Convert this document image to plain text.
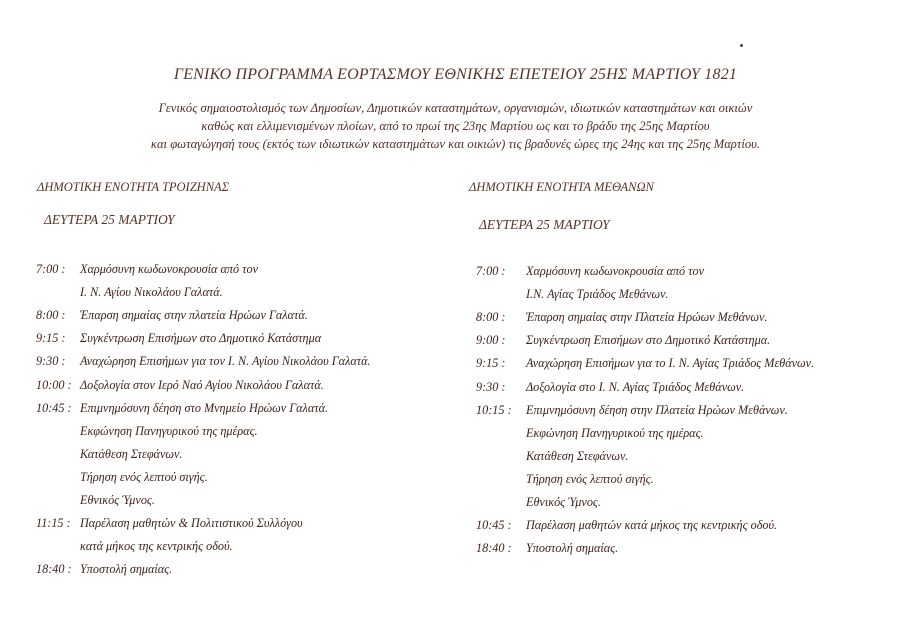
ΓΕΝΙΚΟ ΠΡΟΓΡΑΜΜΑ ΕΟΡΤΑΣΜΟΥ ΕΘΝΙΚΗΣ ΕΠΕΤΕΙΟΥ 25ΗΣ ΜΑΡΤΙΟΥ 1821
Γενικός σημαιοστολισμός των Δημοσίων, Δημοτικών καταστημάτων, οργανισμών, ιδιωτικών καταστημάτων και οικιών
καθώς και ελλιμενισμένων πλοίων, από το πρωί της 23ης Μαρτίου ως και το βράδυ της 25ης Μαρτίου
και φωταγώγησή τους (εκτός των ιδιωτικών καταστημάτων και οικιών) τις βραδυνές ώρες της 24ης και της 25ης Μαρτίου.
ΔΗΜΟΤΙΚΗ ΕΝΟΤΗΤΑ ΤΡΟΙΖΗΝΑΣ
ΔΕΥΤΕΡΑ 25 ΜΑΡΤΙΟΥ
ΔΗΜΟΤΙΚΗ ΕΝΟΤΗΤΑ ΜΕΘΑΝΩΝ
ΔΕΥΤΕΡΑ 25 ΜΑΡΤΙΟΥ
7:00 : Χαρμόσυνη κωδωνοκρουσία από τον
Ι. Ν. Αγίου Νικολάου Γαλατά.
8:00 : Έπαρση σημαίας στην πλατεία Ηρώων Γαλατά.
9:15 : Συγκέντρωση Επισήμων στο Δημοτικό Κατάστημα
9:30 : Αναχώρηση Επισήμων για τον Ι. Ν. Αγίου Νικολάου Γαλατά.
10:00 : Δοξολογία στον Ιερό Ναό Αγίου Νικολάου Γαλατά.
10:45 : Επιμνημόσυνη δέηση στο Μνημείο Ηρώων Γαλατά.
Εκφώνηση Πανηγυρικού της ημέρας.
Κατάθεση Στεφάνων.
Τήρηση ενός λεπτού σιγής.
Εθνικός Ύμνος.
11:15 : Παρέλαση μαθητών & Πολιτιστικού Συλλόγου
κατά μήκος της κεντρικής οδού.
18:40 : Υποστολή σημαίας.
7:00 : Χαρμόσυνη κωδωνοκρουσία από τον
Ι.Ν. Αγίας Τριάδος Μεθάνων.
8:00 : Έπαρση σημαίας στην Πλατεία Ηρώων Μεθάνων.
9:00 : Συγκέντρωση Επισήμων στο Δημοτικό Κατάστημα.
9:15 : Αναχώρηση Επισήμων για το Ι. Ν. Αγίας Τριάδος Μεθάνων.
9:30 : Δοξολογία στο Ι. Ν. Αγίας Τριάδος Μεθάνων.
10:15 : Επιμνημόσυνη δέηση στην Πλατεία Ηρώων Μεθάνων.
Εκφώνηση Πανηγυρικού της ημέρας.
Κατάθεση Στεφάνων.
Τήρηση ενός λεπτού σιγής.
Εθνικός Ύμνος.
10:45 : Παρέλαση μαθητών κατά μήκος της κεντρικής οδού.
18:40 : Υποστολή σημαίας.
